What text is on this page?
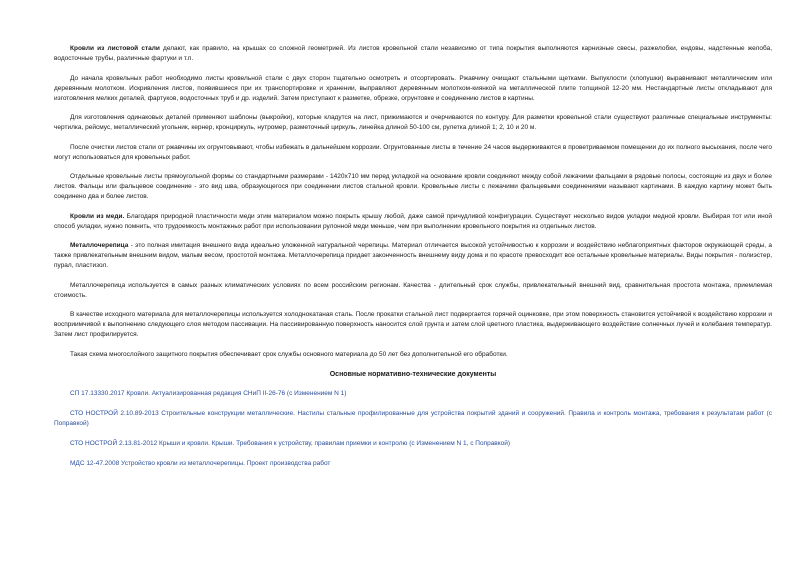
Кровли из листовой стали делают, как правило, на крышах со сложной геометрией. Из листов кровельной стали независимо от типа покрытия выполняются карнизные свесы, разжелобки, ендовы, надстенные желоба, водосточные трубы, различные фартуки и т.п.

До начала кровельных работ необходимо листы кровельной стали с двух сторон тщательно осмотреть и отсортировать. Ржавчину очищают стальными щетками. Выпуклости (хлопушки) выравнивают металлическим или деревянным молотком. Искривления листов, появившиеся при их транспортировке и хранении, выправляют деревянным молотком-киянкой на металлической плите толщиной 12-20 мм. Нестандартные листы откладывают для изготовления мелких деталей, фартуков, водосточных труб и др. изделий. Затем приступают к разметке, обрезке, огрунтовке и соединению листов в картины.

Для изготовления одинаковых деталей применяют шаблоны (выкройки), которые кладутся на лист, прижимаются и очерчиваются по контуру. Для разметки кровельной стали существуют различные специальные инструменты: чертилка, рейсмус, металлический угольник, кернер, кронциркуль, нутромер, разметочный циркуль, линейка длиной 50-100 см, рулетка длиной 1; 2, 10 и 20 м.

После очистки листов стали от ржавчины их огрунтовывают, чтобы избежать в дальнейшем коррозии. Огрунтованные листы в течение 24 часов выдерживаются в проветриваемом помещении до их полного высыхания, после чего могут использоваться для кровельных работ.

Отдельные кровельные листы прямоугольной формы со стандартными размерами - 1420х710 мм перед укладкой на основание кровли соединяют между собой лежачими фальцами в рядовые полосы, состоящие из двух и более листов. Фальцы или фальцевое соединение - это вид шва, образующегося при соединении листов стальной кровли. Кровельные листы с лежачими фальцевыми соединениями называют картинами. В каждую картину может быть соединено два и более листов.

Кровли из меди. Благодаря природной пластичности меди этим материалом можно покрыть крышу любой, даже самой причудливой конфигурации. Существует несколько видов укладки медной кровли. Выбирая тот или иной способ укладки, нужно помнить, что трудоемкость монтажных работ при использовании рулонной меди меньше, чем при выполнении кровельного покрытия из отдельных листов.

Металлочерепица - это полная имитация внешнего вида идеально уложенной натуральной черепицы. Материал отличается высокой устойчивостью к коррозии и воздействию неблагоприятных факторов окружающей среды, а также привлекательным внешним видом, малым весом, простотой монтажа. Металлочерепица придает законченность внешнему виду дома и по красоте превосходит все остальные кровельные материалы. Виды покрытия - полиэстер, пурал, пластизол.

Металлочерепица используется в самых разных климатических условиях по всем российским регионам. Качества - длительный срок службы, привлекательный внешний вид, сравнительная простота монтажа, приемлемая стоимость.

В качестве исходного материала для металлочерепицы используется холоднокатаная сталь. После прокатки стальной лист подвергается горячей оцинковке, при этом поверхность становится устойчивой к воздействию коррозии и восприимчивой к выполнению следующего слоя методом пассивации. На пассивированную поверхность наносится слой грунта и затем слой цветного пластика, выдерживающего воздействие солнечных лучей и колебания температур. Затем лист профилируется.

Такая схема многослойного защитного покрытия обеспечивает срок службы основного материала до 50 лет без дополнительной его обработки.

Основные нормативно-технические документы

СП 17.13330.2017 Кровли. Актуализированная редакция СНиП II-26-76 (с Изменением N 1)

СТО НОСТРОЙ 2.10.89-2013 Строительные конструкции металлические. Настилы стальные профилированные для устройства покрытий зданий и сооружений. Правила и контроль монтажа, требования к результатам работ (с Поправкой)

СТО НОСТРОЙ 2.13.81-2012 Крыши и кровли. Крыши. Требования к устройству, правилам приемки и контролю (с Изменением N 1, с Поправкой)

МДС 12-47.2008 Устройство кровли из металлочерепицы. Проект производства работ
